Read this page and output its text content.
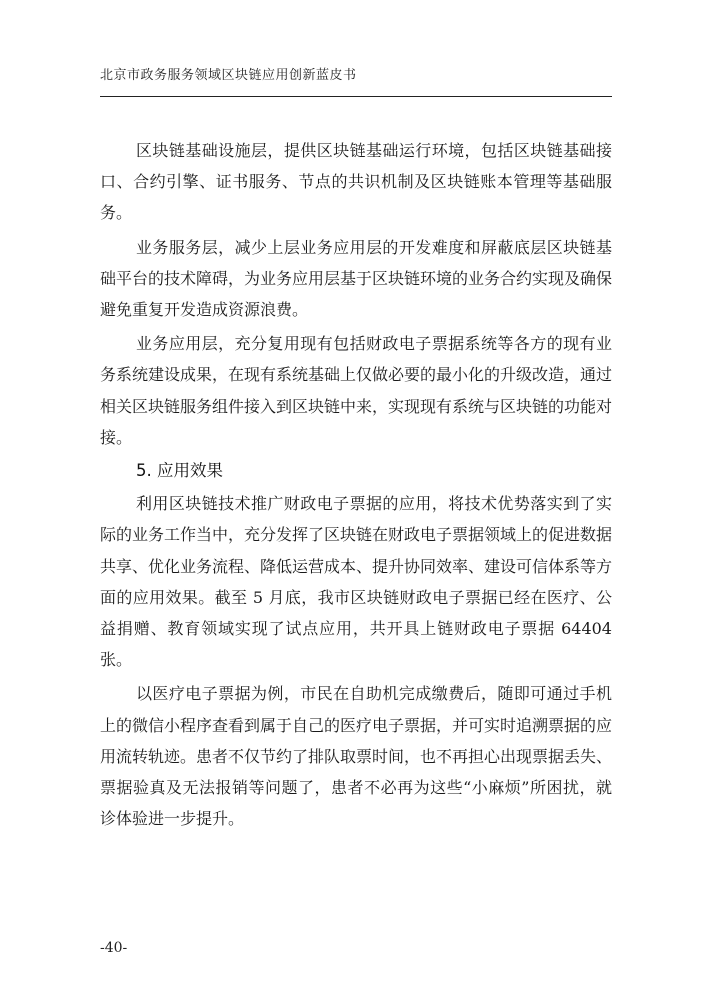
北京市政务服务领域区块链应用创新蓝皮书

区块链基础设施层，提供区块链基础运行环境，包括区块链基础接口、合约引擎、证书服务、节点的共识机制及区块链账本管理等基础服务。

业务服务层，减少上层业务应用层的开发难度和屏蔽底层区块链基础平台的技术障碍，为业务应用层基于区块链环境的业务合约实现及确保避免重复开发造成资源浪费。

业务应用层，充分复用现有包括财政电子票据系统等各方的现有业务系统建设成果，在现有系统基础上仅做必要的最小化的升级改造，通过相关区块链服务组件接入到区块链中来，实现现有系统与区块链的功能对接。

5. 应用效果

利用区块链技术推广财政电子票据的应用，将技术优势落实到了实际的业务工作当中，充分发挥了区块链在财政电子票据领域上的促进数据共享、优化业务流程、降低运营成本、提升协同效率、建设可信体系等方面的应用效果。截至 5 月底，我市区块链财政电子票据已经在医疗、公益捐赠、教育领域实现了试点应用，共开具上链财政电子票据 64404 张。

以医疗电子票据为例，市民在自助机完成缴费后，随即可通过手机上的微信小程序查看到属于自己的医疗电子票据，并可实时追溯票据的应用流转轨迹。患者不仅节约了排队取票时间，也不再担心出现票据丢失、票据验真及无法报销等问题了，患者不必再为这些“小麻烦”所困扰，就诊体验进一步提升。

-40-
